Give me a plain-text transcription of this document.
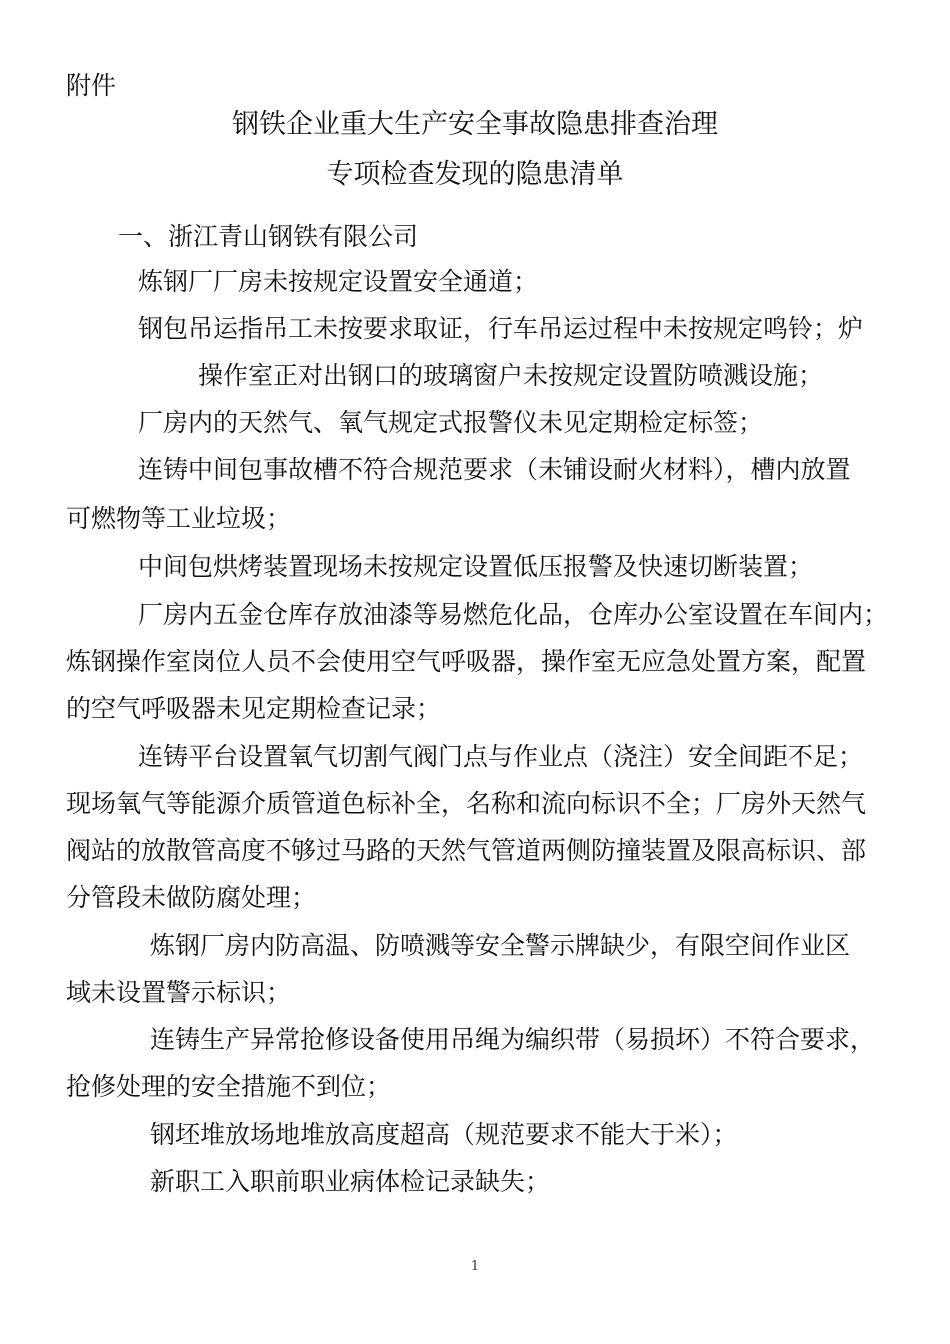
附件
钢铁企业重大生产安全事故隐患排查治理
专项检查发现的隐患清单
一、浙江青山钢铁有限公司
炼钢厂厂房未按规定设置安全通道；
钢包吊运指吊工未按要求取证，行车吊运过程中未按规定鸣铃；炉
操作室正对出钢口的玻璃窗户未按规定设置防喷溅设施；
厂房内的天然气、氧气规定式报警仪未见定期检定标签；
连铸中间包事故槽不符合规范要求（未铺设耐火材料），槽内放置
可燃物等工业垃圾；
中间包烘烤装置现场未按规定设置低压报警及快速切断装置；
厂房内五金仓库存放油漆等易燃危化品，仓库办公室设置在车间内；
炼钢操作室岗位人员不会使用空气呼吸器，操作室无应急处置方案，配置
的空气呼吸器未见定期检查记录；
连铸平台设置氧气切割气阀门点与作业点（浇注）安全间距不足；
现场氧气等能源介质管道色标补全，名称和流向标识不全；厂房外天然气
阀站的放散管高度不够过马路的天然气管道两侧防撞装置及限高标识、部
分管段未做防腐处理；
炼钢厂房内防高温、防喷溅等安全警示牌缺少，有限空间作业区
域未设置警示标识；
连铸生产异常抢修设备使用吊绳为编织带（易损坏）不符合要求，
抢修处理的安全措施不到位；
钢坯堆放场地堆放高度超高（规范要求不能大于米）；
新职工入职前职业病体检记录缺失；
1
